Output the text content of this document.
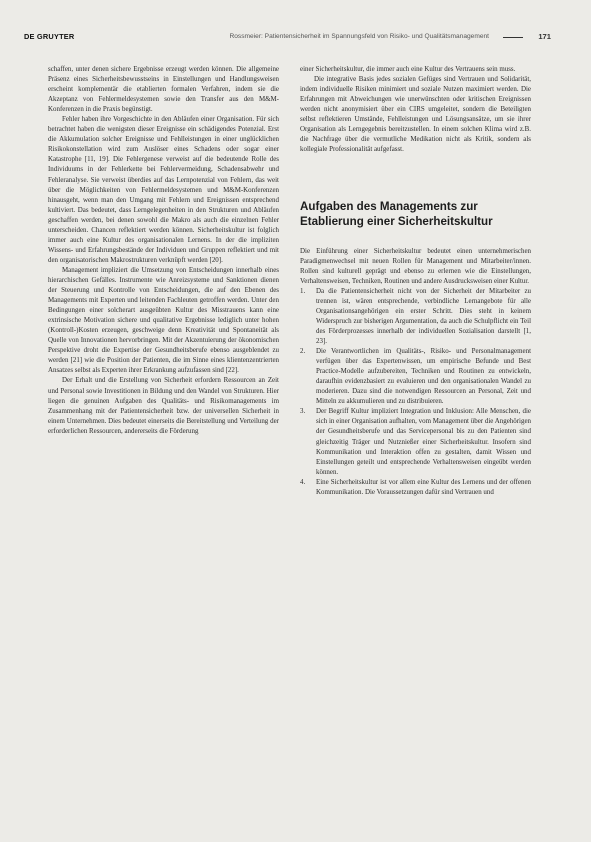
DE GRUYTER	Rossmeier: Patientensicherheit im Spannungsfeld von Risiko- und Qualitätsmanagement	171

schaffen, unter denen sichere Ergebnisse erzeugt werden können. Die allgemeine Präsenz eines Sicherheitsbewusstseins in Einstellungen und Handlungsweisen erscheint komplementär die etablierten formalen Verfahren, indem sie die Akzeptanz von Fehlermeldesystemen sowie den Transfer aus den M&M-Konferenzen in die Praxis begünstigt.

Fehler haben ihre Vorgeschichte in den Abläufen einer Organisation. Für sich betrachtet haben die wenigsten dieser Ereignisse ein schädigendes Potenzial. Erst die Akkumulation solcher Ereignisse und Fehlleistungen in einer unglücklichen Risikokonstellation wird zum Auslöser eines Schadens oder sogar einer Katastrophe [11, 19]. Die Fehlergenese verweist auf die bedeutende Rolle des Individuums in der Fehlerkette bei Fehlervermeidung, Schadensabwehr und Fehleranalyse. Sie verweist überdies auf das Lernpotenzial von Fehlern, das weit über die Möglichkeiten von Fehlermeldesystemen und M&M-Konferenzen hinausgeht, wenn man den Umgang mit Fehlern und Ereignissen entsprechend kultiviert. Das bedeutet, dass Lerngelegenheiten in den Strukturen und Abläufen geschaffen werden, bei denen sowohl die Makro als auch die einzelnen Fehler unterscheiden. Chancen reflektiert werden können. Sicherheitskultur ist folglich immer auch eine Kultur des organisationalen Lernens. In der die impliziten Wissens- und Erfahrungsbestände der Individuen und Gruppen reflektiert und mit den organisatorischen Makrostrukturen verknüpft werden [20].

Management impliziert die Umsetzung von Entscheidungen innerhalb eines hierarchischen Gefälles. Instrumente wie Anreizsysteme und Sanktionen dienen der Steuerung und Kontrolle von Entscheidungen, die auf den Ebenen des Managements mit Experten und leitenden Fachleuten getroffen werden. Unter den Bedingungen einer solcherart ausgeübten Kultur des Misstrauens kann eine extrinsische Motivation sichere und qualitative Ergebnisse lediglich unter hohen (Kontroll-)Kosten erzeugen, geschweige denn Kreativität und Spontaneität als Quelle von Innovationen hervorbringen. Mit der Akzentuierung der ökonomischen Perspektive droht die Expertise der Gesundheitsberufe ebenso ausgeblendet zu werden [21] wie die Position der Patienten, die im Sinne eines klientenzentrierten Ansatzes selbst als Experten ihrer Erkrankung aufzufassen sind [22].

Der Erhalt und die Erstellung von Sicherheit erfordern Ressourcen an Zeit und Personal sowie Investitionen in Bildung und den Wandel von Strukturen. Hier liegen die genuinen Aufgaben des Qualitäts- und Risikomanagements im Zusammenhang mit der Patientensicherheit bzw. der universellen Sicherheit in einem Unternehmen. Dies bedeutet einerseits die Bereitstellung und Verteilung der erforderlichen Ressourcen, andererseits die Förderung

einer Sicherheitskultur, die immer auch eine Kultur des Vertrauens sein muss.

Die integrative Basis jedes sozialen Gefüges sind Vertrauen und Solidarität, indem individuelle Risiken minimiert und soziale Nutzen maximiert werden. Die Erfahrungen mit Abweichungen wie unerwünschten oder kritischen Ereignissen werden nicht anonymisiert über ein CIRS umgeleitet, sondern die Beteiligten selbst reflektieren Umstände, Fehlleistungen und Lösungsansätze, um sie ihrer Organisation als Lerngegebnis bereitzustellen. In einem solchen Klima wird z.B. die Nachfrage über die vermutliche Medikation nicht als Kritik, sondern als kollegiale Professionalität aufgefasst.

Aufgaben des Managements zur Etablierung einer Sicherheitskultur

Die Einführung einer Sicherheitskultur bedeutet einen unternehmerischen Paradigmenwechsel mit neuen Rollen für Management und Mitarbeiter/innen. Rollen sind kulturell geprägt und ebenso zu erlernen wie die Einstellungen, Verhaltensweisen, Techniken, Routinen und andere Ausdrucksweisen einer Kultur.

1. Da die Patientensicherheit nicht von der Sicherheit der Mitarbeiter zu trennen ist, wären entsprechende, verbindliche Lernangebote für alle Organisationsangehörigen ein erster Schritt. Dies steht in keinem Widerspruch zur bisherigen Argumentation, da auch die Schulpflicht ein Teil des Förderprozesses innerhalb der individuellen Sozialisation darstellt [1, 23].
2. Die Verantwortlichen im Qualitäts-, Risiko- und Personalmanagement verfügen über das Expertenwissen, um empirische Befunde und Best Practice-Modelle aufzubereiten, Techniken und Routinen zu entwickeln, daraufhin evidenzbasiert zu evaluieren und den organisationalen Wandel zu moderieren. Dazu sind die notwendigen Ressourcen an Personal, Zeit und Mitteln zu akkumulieren und zu distribuieren.
3. Der Begriff Kultur impliziert Integration und Inklusion: Alle Menschen, die sich in einer Organisation aufhalten, vom Management über die Angehörigen der Gesundheitsberufe und das Servicepersonal bis zu den Patienten sind gleichzeitig Träger und Nutznießer einer Sicherheitskultur. Insofern sind Kommunikation und Interaktion offen zu gestalten, damit Wissen und Einstellungen geteilt und entsprechende Verhaltensweisen eingeübt werden können.
4. Eine Sicherheitskultur ist vor allem eine Kultur des Lernens und der offenen Kommunikation. Die Voraussetzungen dafür sind Vertrauen und
